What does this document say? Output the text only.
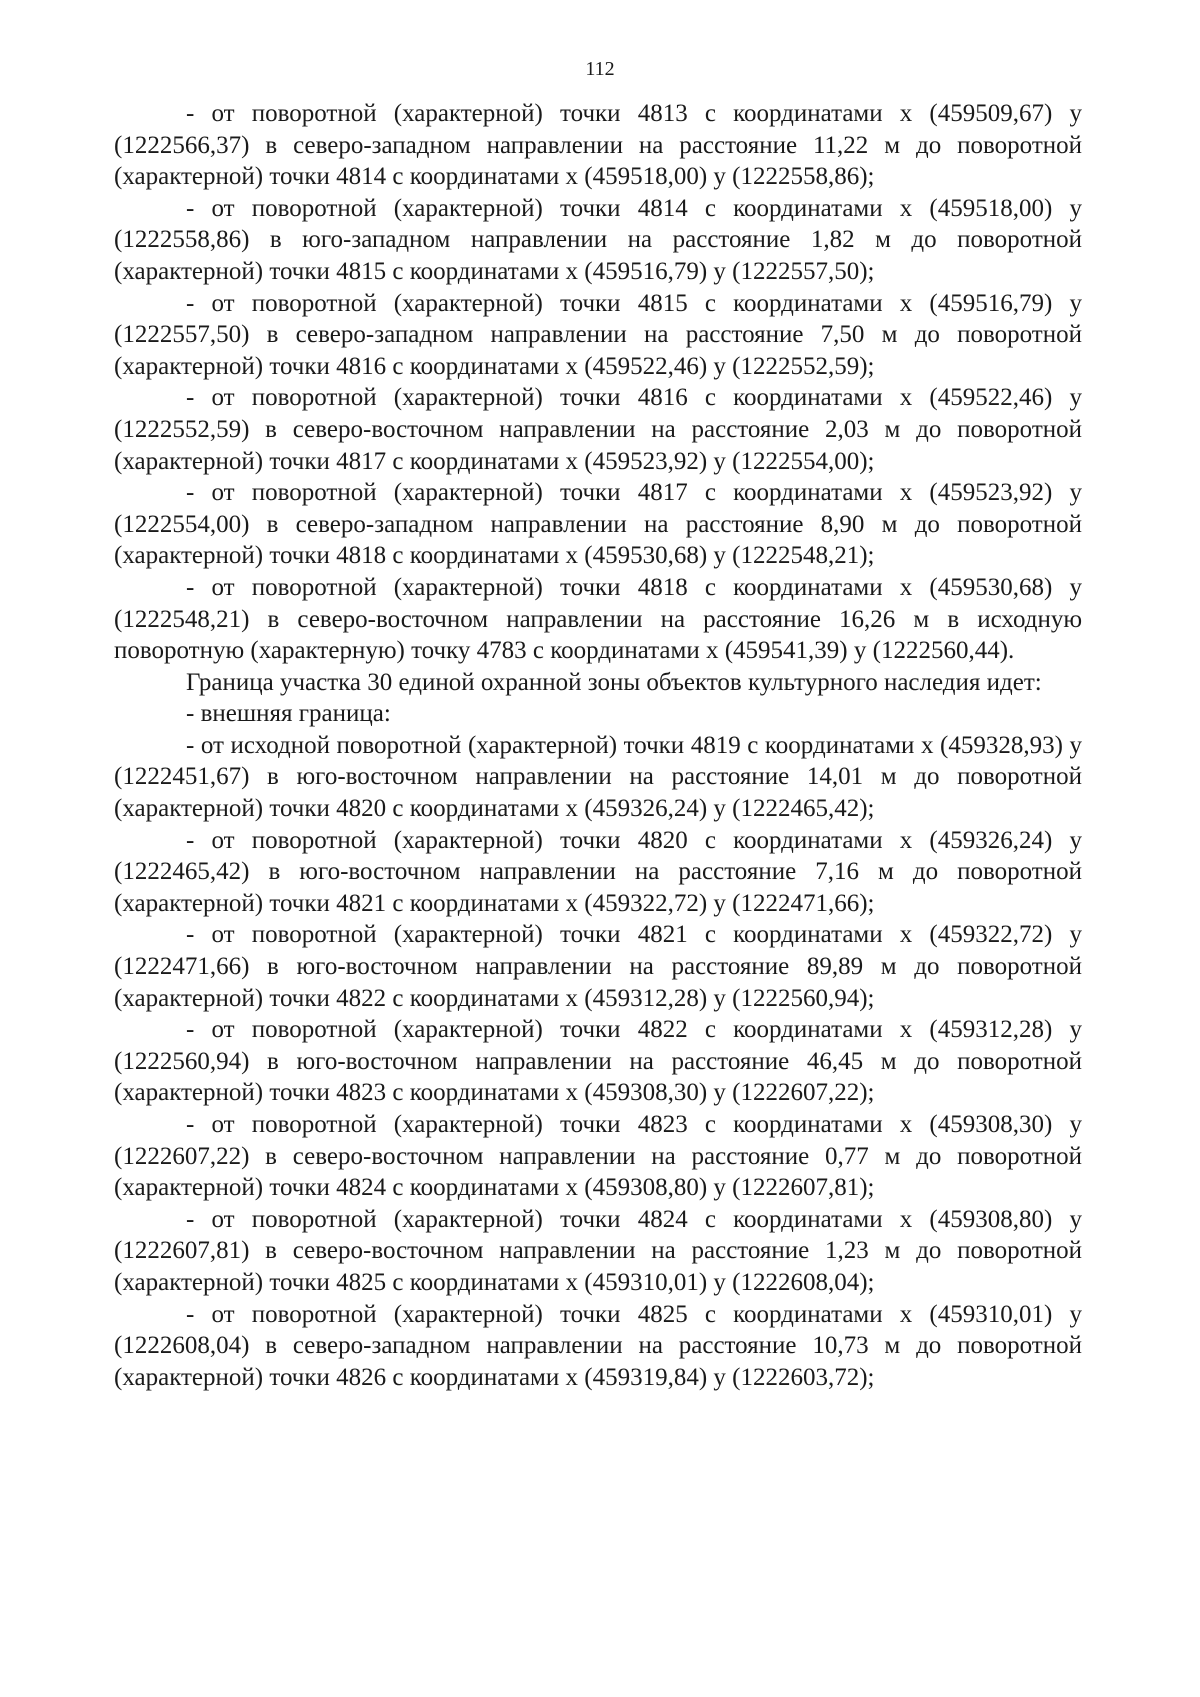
112

- от поворотной (характерной) точки 4813 с координатами х (459509,67) у (1222566,37) в северо-западном направлении на расстояние 11,22 м до поворотной (характерной) точки 4814 с координатами х (459518,00) у (1222558,86);

- от поворотной (характерной) точки 4814 с координатами х (459518,00) у (1222558,86) в юго-западном направлении на расстояние 1,82 м до поворотной (характерной) точки 4815 с координатами х (459516,79) у (1222557,50);

- от поворотной (характерной) точки 4815 с координатами х (459516,79) у (1222557,50) в северо-западном направлении на расстояние 7,50 м до поворотной (характерной) точки 4816 с координатами х (459522,46) у (1222552,59);

- от поворотной (характерной) точки 4816 с координатами х (459522,46) у (1222552,59) в северо-восточном направлении на расстояние 2,03 м до поворотной (характерной) точки 4817 с координатами х (459523,92) у (1222554,00);

- от поворотной (характерной) точки 4817 с координатами х (459523,92) у (1222554,00) в северо-западном направлении на расстояние 8,90 м до поворотной (характерной) точки 4818 с координатами х (459530,68) у (1222548,21);

- от поворотной (характерной) точки 4818 с координатами х (459530,68) у (1222548,21) в северо-восточном направлении на расстояние 16,26 м в исходную поворотную (характерную) точку 4783 с координатами х (459541,39) у (1222560,44).

Граница участка 30 единой охранной зоны объектов культурного наследия идет:

- внешняя граница:

- от исходной поворотной (характерной) точки 4819 с координатами х (459328,93) у (1222451,67) в юго-восточном направлении на расстояние 14,01 м до поворотной (характерной) точки 4820 с координатами х (459326,24) у (1222465,42);

- от поворотной (характерной) точки 4820 с координатами х (459326,24) у (1222465,42) в юго-восточном направлении на расстояние 7,16 м до поворотной (характерной) точки 4821 с координатами х (459322,72) у (1222471,66);

- от поворотной (характерной) точки 4821 с координатами х (459322,72) у (1222471,66) в юго-восточном направлении на расстояние 89,89 м до поворотной (характерной) точки 4822 с координатами х (459312,28) у (1222560,94);

- от поворотной (характерной) точки 4822 с координатами х (459312,28) у (1222560,94) в юго-восточном направлении на расстояние 46,45 м до поворотной (характерной) точки 4823 с координатами х (459308,30) у (1222607,22);

- от поворотной (характерной) точки 4823 с координатами х (459308,30) у (1222607,22) в северо-восточном направлении на расстояние 0,77 м до поворотной (характерной) точки 4824 с координатами х (459308,80) у (1222607,81);

- от поворотной (характерной) точки 4824 с координатами х (459308,80) у (1222607,81) в северо-восточном направлении на расстояние 1,23 м до поворотной (характерной) точки 4825 с координатами х (459310,01) у (1222608,04);

- от поворотной (характерной) точки 4825 с координатами х (459310,01) у (1222608,04) в северо-западном направлении на расстояние 10,73 м до поворотной (характерной) точки 4826 с координатами х (459319,84) у (1222603,72);
